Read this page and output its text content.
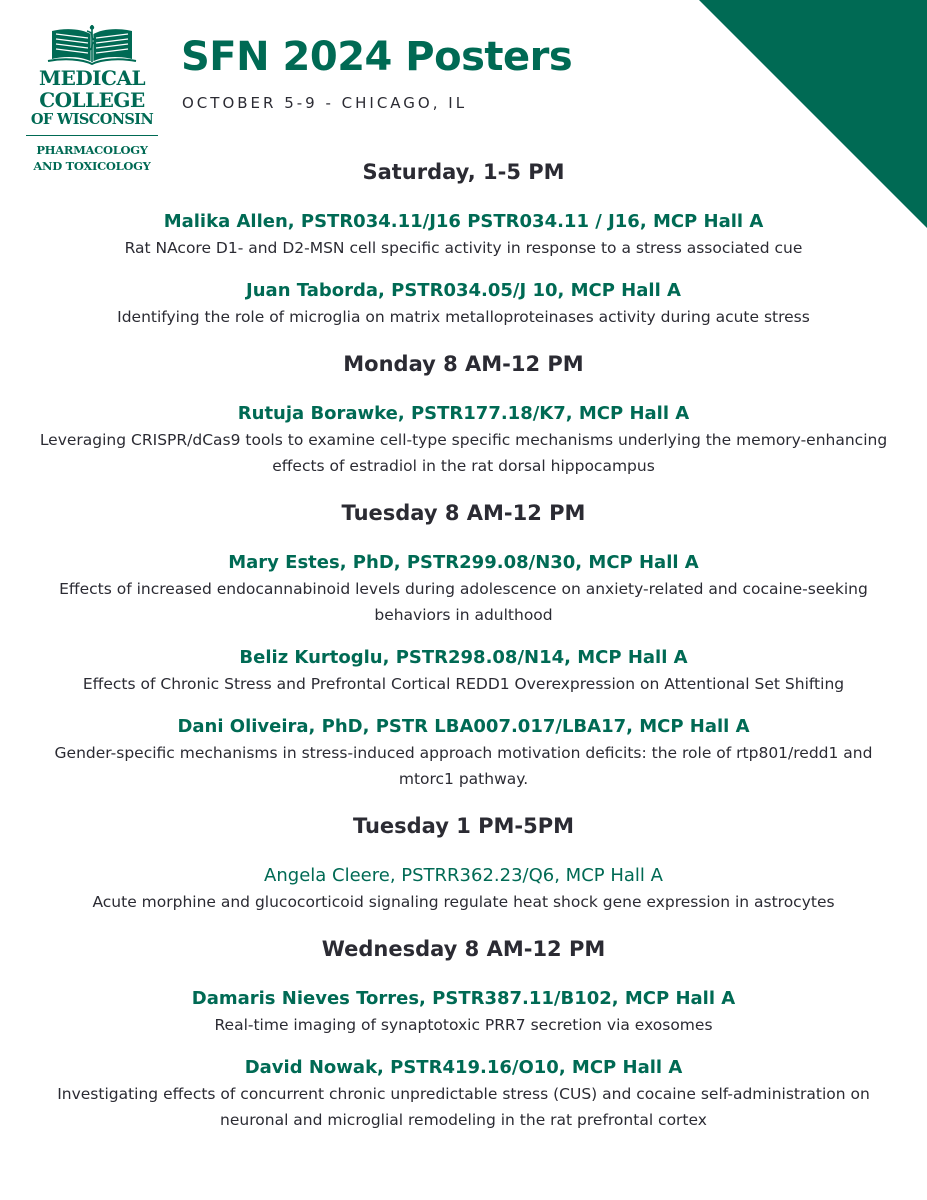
MEDICAL
COLLEGE
OF WISCONSIN
PHARMACOLOGY
AND TOXICOLOGY
SFN 2024 Posters
OCTOBER 5-9 - CHICAGO, IL
Saturday, 1-5 PM
Malika Allen, PSTR034.11/J16 PSTR034.11 / J16, MCP Hall A
Rat NAcore D1- and D2-MSN cell specific activity in response to a stress associated cue
Juan Taborda, PSTR034.05/J 10, MCP Hall A
Identifying the role of microglia on matrix metalloproteinases activity during acute stress
Monday 8 AM-12 PM
Rutuja Borawke, PSTR177.18/K7, MCP Hall A
Leveraging CRISPR/dCas9 tools to examine cell-type specific mechanisms underlying the memory-enhancing effects of estradiol in the rat dorsal hippocampus
Tuesday 8 AM-12 PM
Mary Estes, PhD, PSTR299.08/N30, MCP Hall A
Effects of increased endocannabinoid levels during adolescence on anxiety-related and cocaine-seeking behaviors in adulthood
Beliz Kurtoglu, PSTR298.08/N14, MCP Hall A
Effects of Chronic Stress and Prefrontal Cortical REDD1 Overexpression on Attentional Set Shifting
Dani Oliveira, PhD, PSTR LBA007.017/LBA17, MCP Hall A
Gender-specific mechanisms in stress-induced approach motivation deficits: the role of rtp801/redd1 and mtorc1 pathway.
Tuesday 1 PM-5PM
Angela Cleere, PSTRR362.23/Q6, MCP Hall A
Acute morphine and glucocorticoid signaling regulate heat shock gene expression in astrocytes
Wednesday 8 AM-12 PM
Damaris Nieves Torres, PSTR387.11/B102, MCP Hall A
Real-time imaging of synaptotoxic PRR7 secretion via exosomes
David Nowak, PSTR419.16/O10, MCP Hall A
Investigating effects of concurrent chronic unpredictable stress (CUS) and cocaine self-administration on neuronal and microglial remodeling in the rat prefrontal cortex
